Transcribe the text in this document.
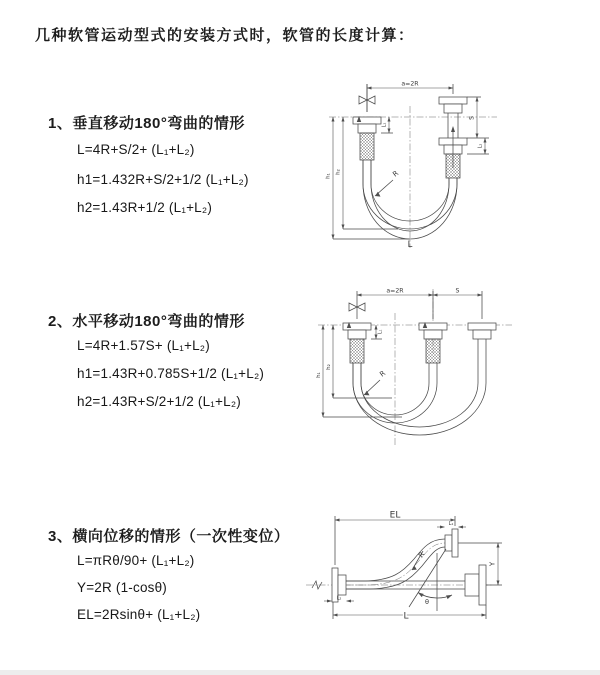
几种软管运动型式的安装方式时，软管的长度计算：
1、垂直移动180°弯曲的情形
L=4R+S/2+ (L₁+L₂)
h1=1.432R+S/2+1/2 (L₁+L₂)
h2=1.43R+1/2 (L₁+L₂)
a=2R
h₁
h₂
S
L₂
L₁
R
L
2、水平移动180°弯曲的情形
L=4R+1.57S+ (L₁+L₂)
h1=1.43R+0.785S+1/2 (L₁+L₂)
h2=1.43R+S/2+1/2 (L₁+L₂)
a=2R	S
h₁
h₂
L₁
R
3、横向位移的情形（一次性变位）
L=πRθ/90+ (L₁+L₂)
Y=2R (1-cosθ)
EL=2Rsinθ+ (L₁+L₂)
EL
L₁
Y
L
L₂	θ
R
